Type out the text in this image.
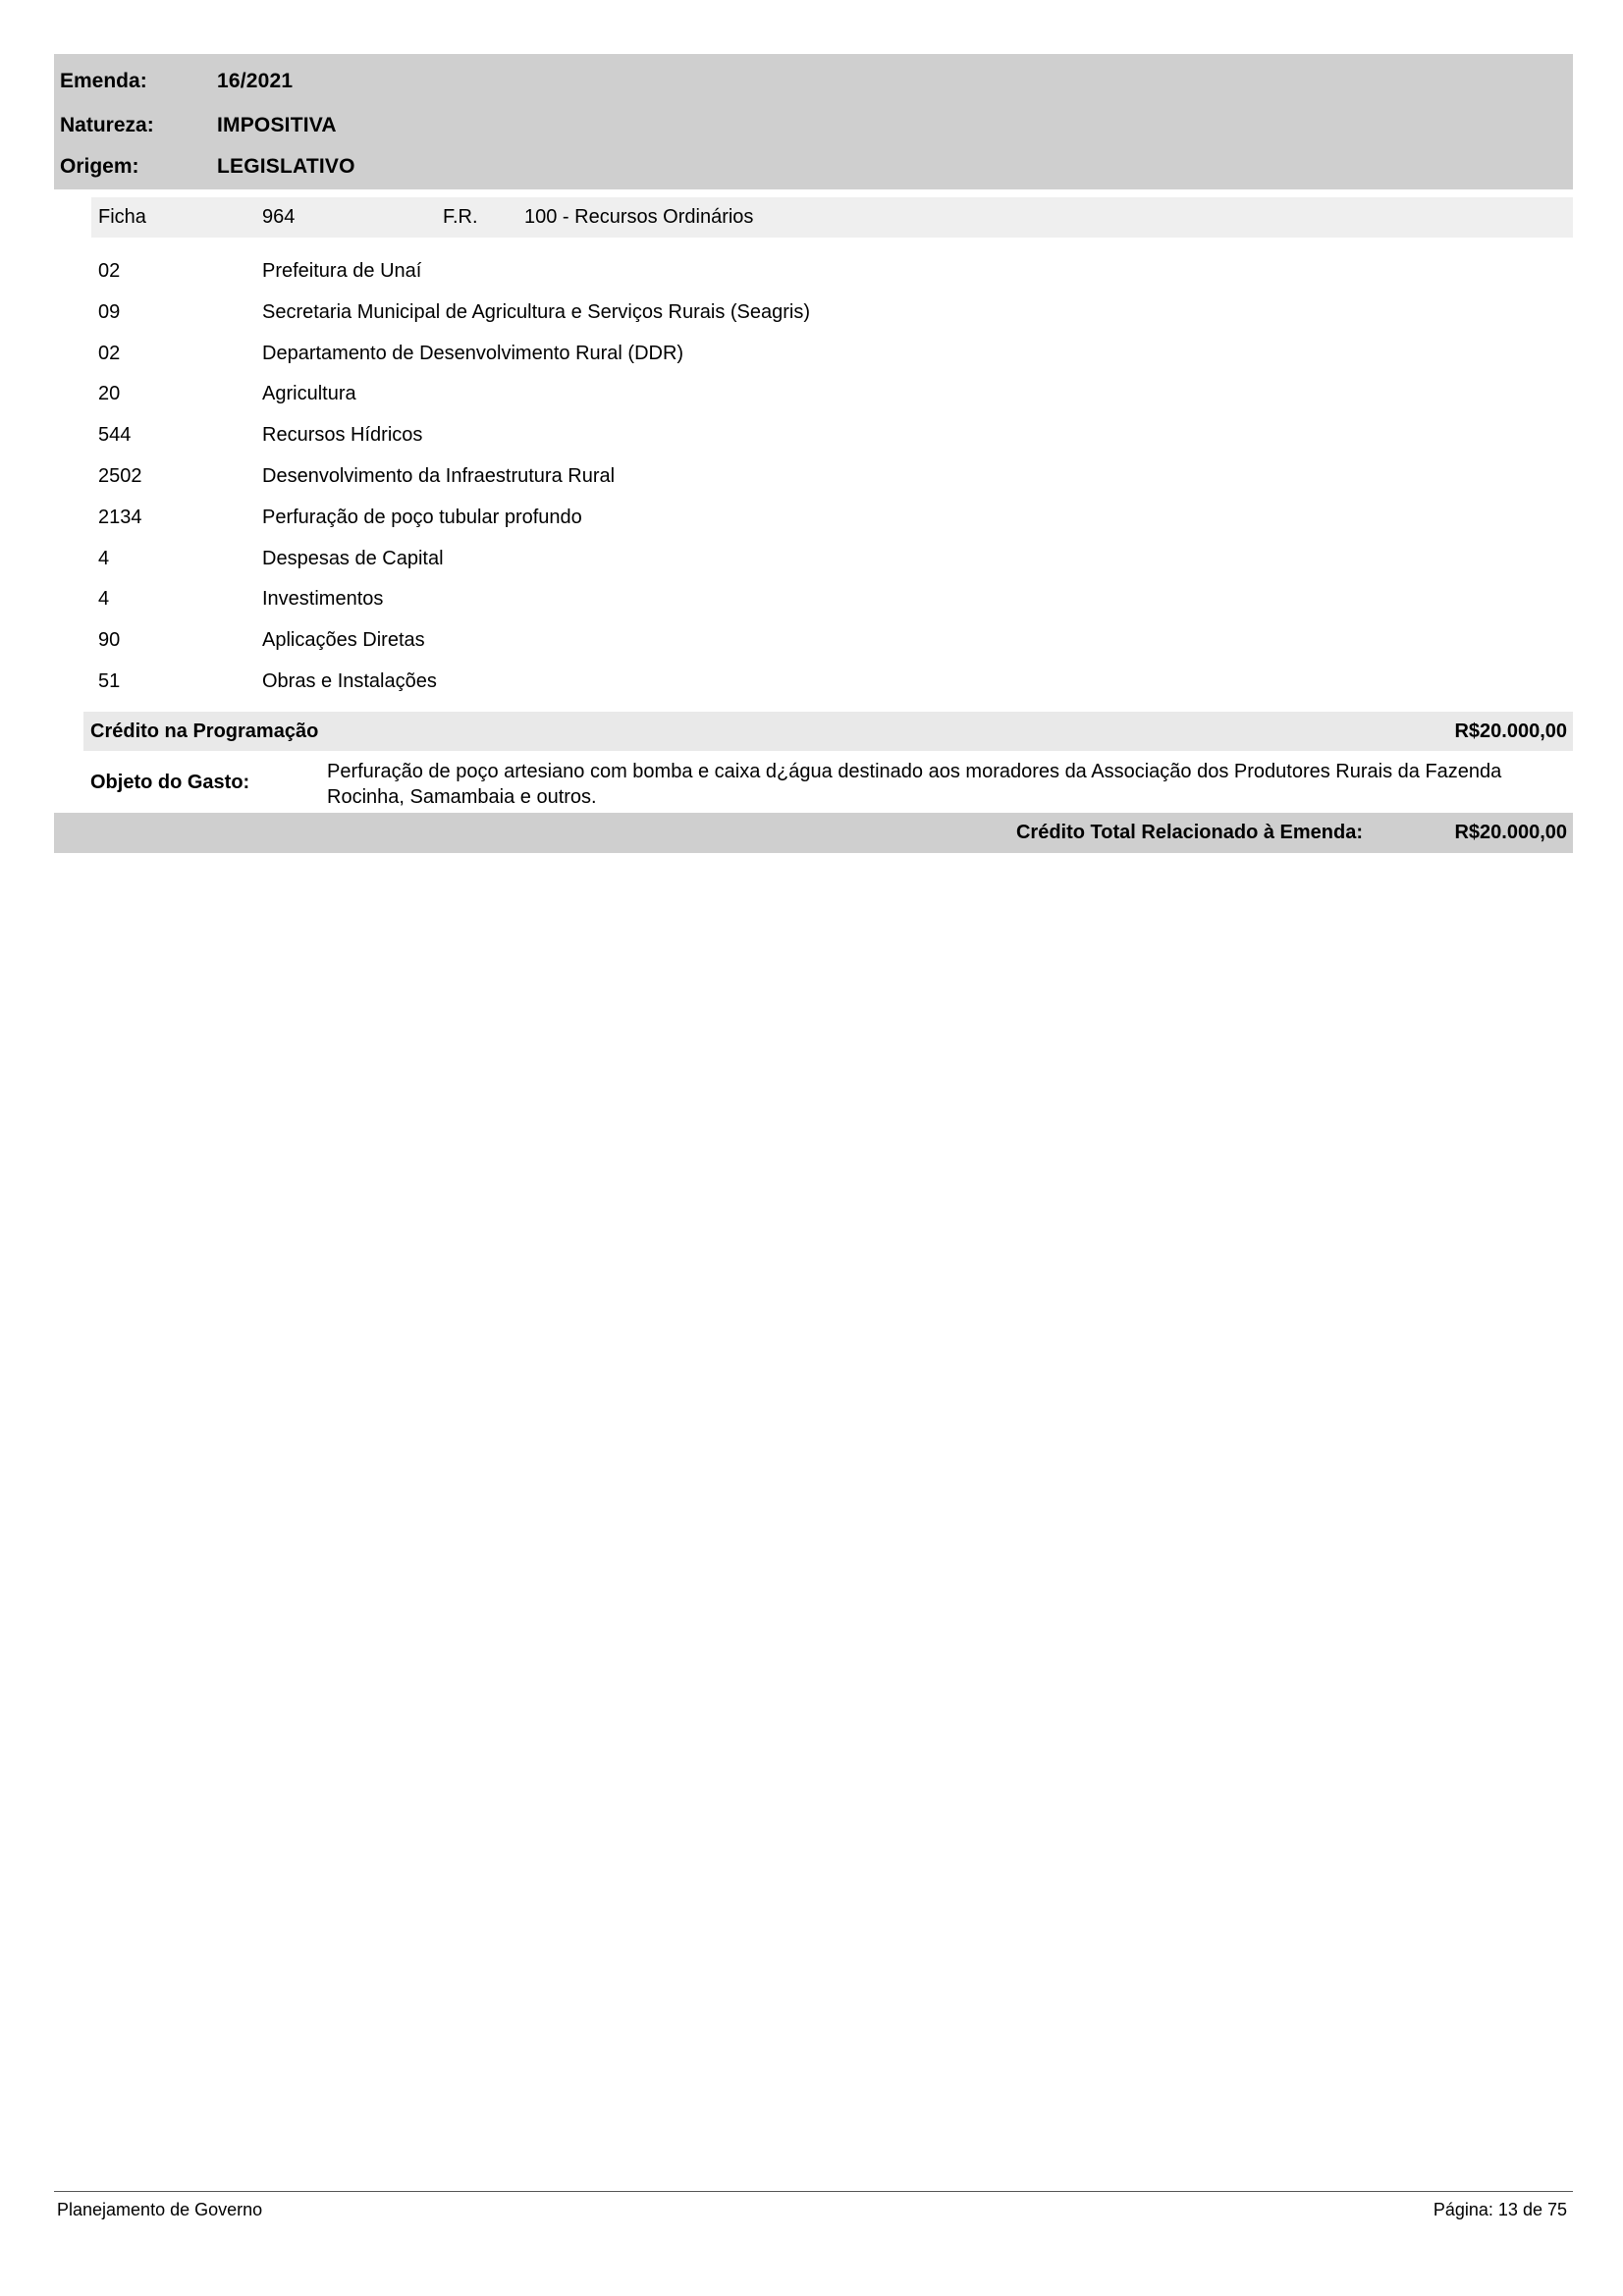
Emenda:	16/2021
Natureza:	IMPOSITIVA
Origem:	LEGISLATIVO
Ficha	964	F.R. 100 - Recursos Ordinários
02	Prefeitura de Unaí
09	Secretaria Municipal de Agricultura e Serviços Rurais (Seagris)
02	Departamento de Desenvolvimento Rural (DDR)
20	Agricultura
544	Recursos Hídricos
2502	Desenvolvimento da Infraestrutura Rural
2134	Perfuração de poço tubular profundo
4	Despesas de Capital
4	Investimentos
90	Aplicações Diretas
51	Obras e Instalações
Crédito na Programação	R$20.000,00
Objeto do Gasto:	Perfuração de poço artesiano com bomba e caixa d¿água destinado aos moradores da Associação dos Produtores Rurais da Fazenda Rocinha, Samambaia e outros.
Crédito Total Relacionado à Emenda:	R$20.000,00
Planejamento de Governo	Página: 13 de 75
